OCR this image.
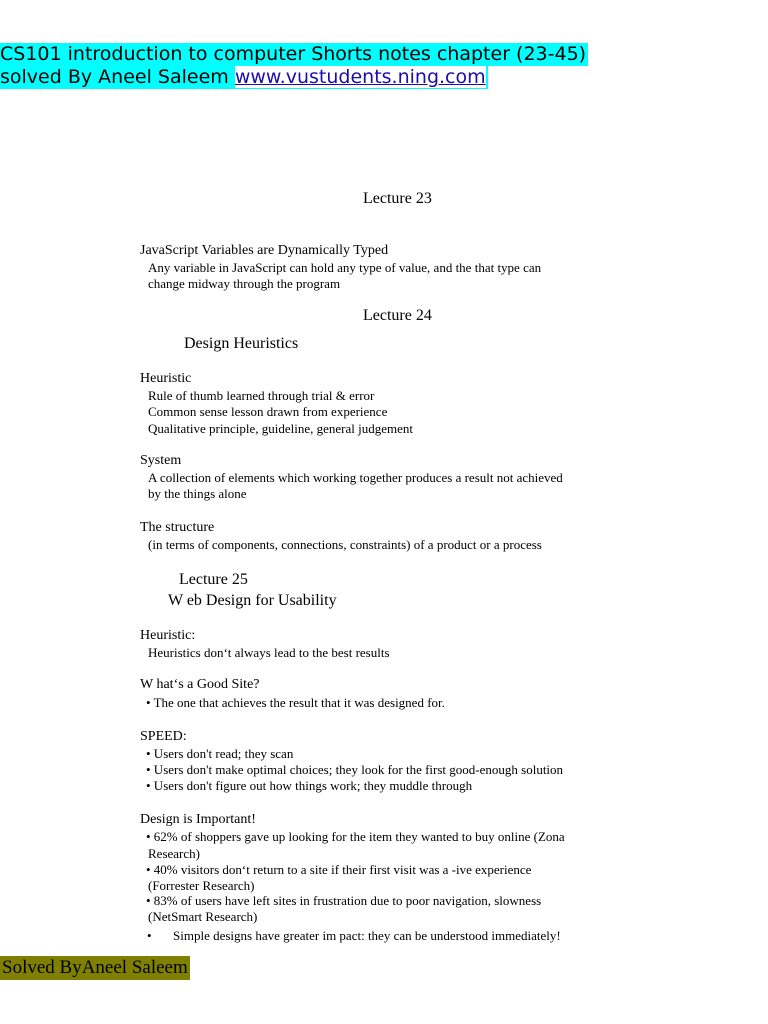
CS101 introduction to computer Shorts notes chapter (23-45)
solved By Aneel Saleem www.vustudents.ning.com
Lecture 23
JavaScript Variables are Dynamically Typed
Any variable in JavaScript can hold any type of value, and the that type can
change midway through the program
Lecture 24
Design Heuristics
Heuristic
Rule of thumb learned through trial & error
Common sense lesson drawn from experience
Qualitative principle, guideline, general judgement
System
A collection of elements which working together produces a result not achieved
by the things alone
The structure
(in terms of components, connections, constraints) of a product or a process
Lecture 25
W eb Design for Usability
Heuristic:
Heuristics don‘t always lead to the best results
W hat‘s a Good Site?
• The one that achieves the result that it was designed for.
SPEED:
• Users don't read; they scan
• Users don't make optimal choices; they look for the first good-enough solution
• Users don't figure out how things work; they muddle through
Design is Important!
• 62% of shoppers gave up looking for the item they wanted to buy online (Zona
Research)
• 40% visitors don‘t return to a site if their first visit was a -ive experience
(Forrester Research)
• 83% of users have left sites in frustration due to poor navigation, slowness
(NetSmart Research)
• Simple designs have greater im pact: they can be understood immediately!
Solved ByAneel Saleem
